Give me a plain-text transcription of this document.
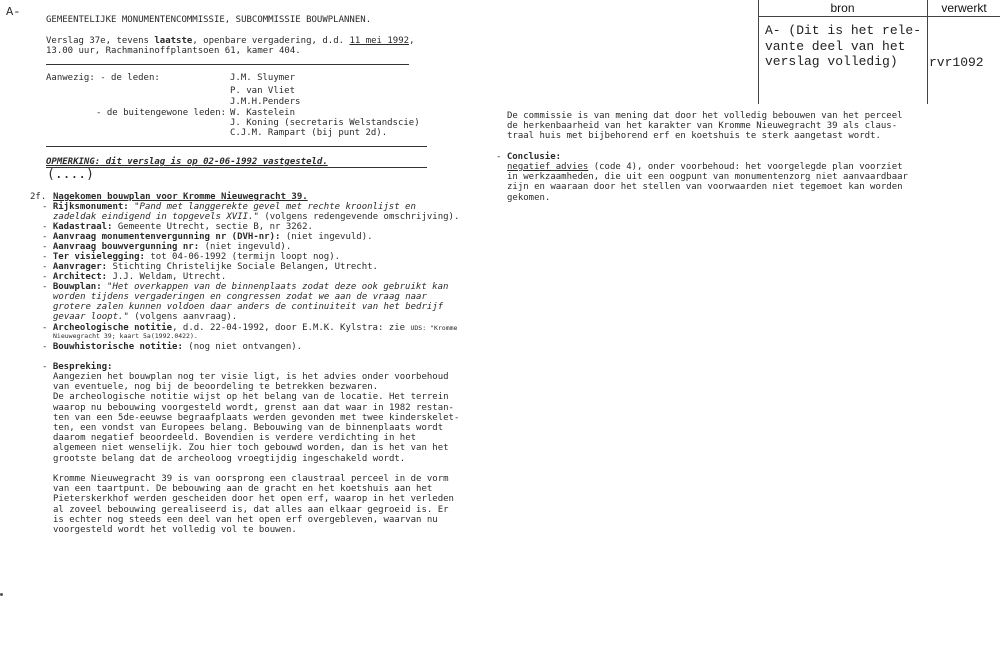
A-
GEMEENTELIJKE MONUMENTENCOMMISSIE, SUBCOMMISSIE BOUWPLANNEN.
Verslag 37e, tevens laatste, openbare vergadering, d.d. 11 mei 1992,
13.00 uur, Rachmaninoffplantsoen 61, kamer 404.
Aanwezig: - de leden:	J.M. Sluymer
P. van Vliet
J.M.H.Penders
- de buitengewone leden: W. Kastelein
J. Koning (secretaris Welstandscie)
C.J.M. Rampart (bij punt 2d).
OPMERKING: dit verslag is op 02-06-1992 vastgesteld.
(....)
2f. Nagekomen bouwplan voor Kromme Nieuwegracht 39.
- Rijksmonument: "Pand met langgerekte gevel met rechte kroonlijst en
zadeldak eindigend in topgevels XVII." (volgens redengevende omschrijving).
- Kadastraal: Gemeente Utrecht, sectie B, nr 3262.
- Aanvraag monumentenvergunning nr (DVH-nr): (niet ingevuld).
- Aanvraag bouwvergunning nr: (niet ingevuld).
- Ter visielegging: tot 04-06-1992 (termijn loopt nog).
- Aanvrager: Stichting Christelijke Sociale Belangen, Utrecht.
- Architect: J.J. Weldam, Utrecht.
- Bouwplan: "Het overkappen van de binnenplaats zodat deze ook gebruikt kan
worden tijdens vergaderingen en congressen zodat we aan de vraag naar
grotere zalen kunnen voldoen daar anders de continuiteit van het bedrijf
gevaar loopt." (volgens aanvraag).
- Archeologische notitie, d.d. 22-04-1992, door E.M.K. Kylstra: zie UDS: "Kromme
Nieuwegracht 39; kaart 5a(1992.0422).
- Bouwhistorische notitie: (nog niet ontvangen).
- Bespreking:
Aangezien het bouwplan nog ter visie ligt, is het advies onder voorbehoud
van eventuele, nog bij de beoordeling te betrekken bezwaren.
De archeologische notitie wijst op het belang van de locatie. Het terrein
waarop nu bebouwing voorgesteld wordt, grenst aan dat waar in 1982 restan-
ten van een 5de-eeuwse begraafplaats werden gevonden met twee kinderskelet-
ten, een vondst van Europees belang. Bebouwing van de binnenplaats wordt
daarom negatief beoordeeld. Bovendien is verdere verdichting in het
algemeen niet wenselijk. Zou hier toch gebouwd worden, dan is het van het
grootste belang dat de archeoloog vroegtijdig ingeschakeld wordt.
Kromme Nieuwegracht 39 is van oorsprong een claustraal perceel in de vorm
van een taartpunt. De bebouwing aan de gracht en het koetshuis aan het
Pieterskerkhof werden gescheiden door het open erf, waarop in het verleden
al zoveel bebouwing gerealiseerd is, dat alles aan elkaar gegroeid is. Er
is echter nog steeds een deel van het open erf overgebleven, waarvan nu
voorgesteld wordt het volledig vol te bouwen.
De commissie is van mening dat door het volledig bebouwen van het perceel
de herkenbaarheid van het karakter van Kromme Nieuwegracht 39 als claus-
traal huis met bijbehorend erf en koetshuis te sterk aangetast wordt.
- Conclusie:
negatief advies (code 4), onder voorbehoud: het voorgelegde plan voorziet
in werkzaamheden, die uit een oogpunt van monumentenzorg niet aanvaardbaar
zijn en waaraan door het stellen van voorwaarden niet tegemoet kan worden
gekomen.
bron	verwerkt
A- (Dit is het rele-
vante deel van het
verslag volledig)	rvr1092
